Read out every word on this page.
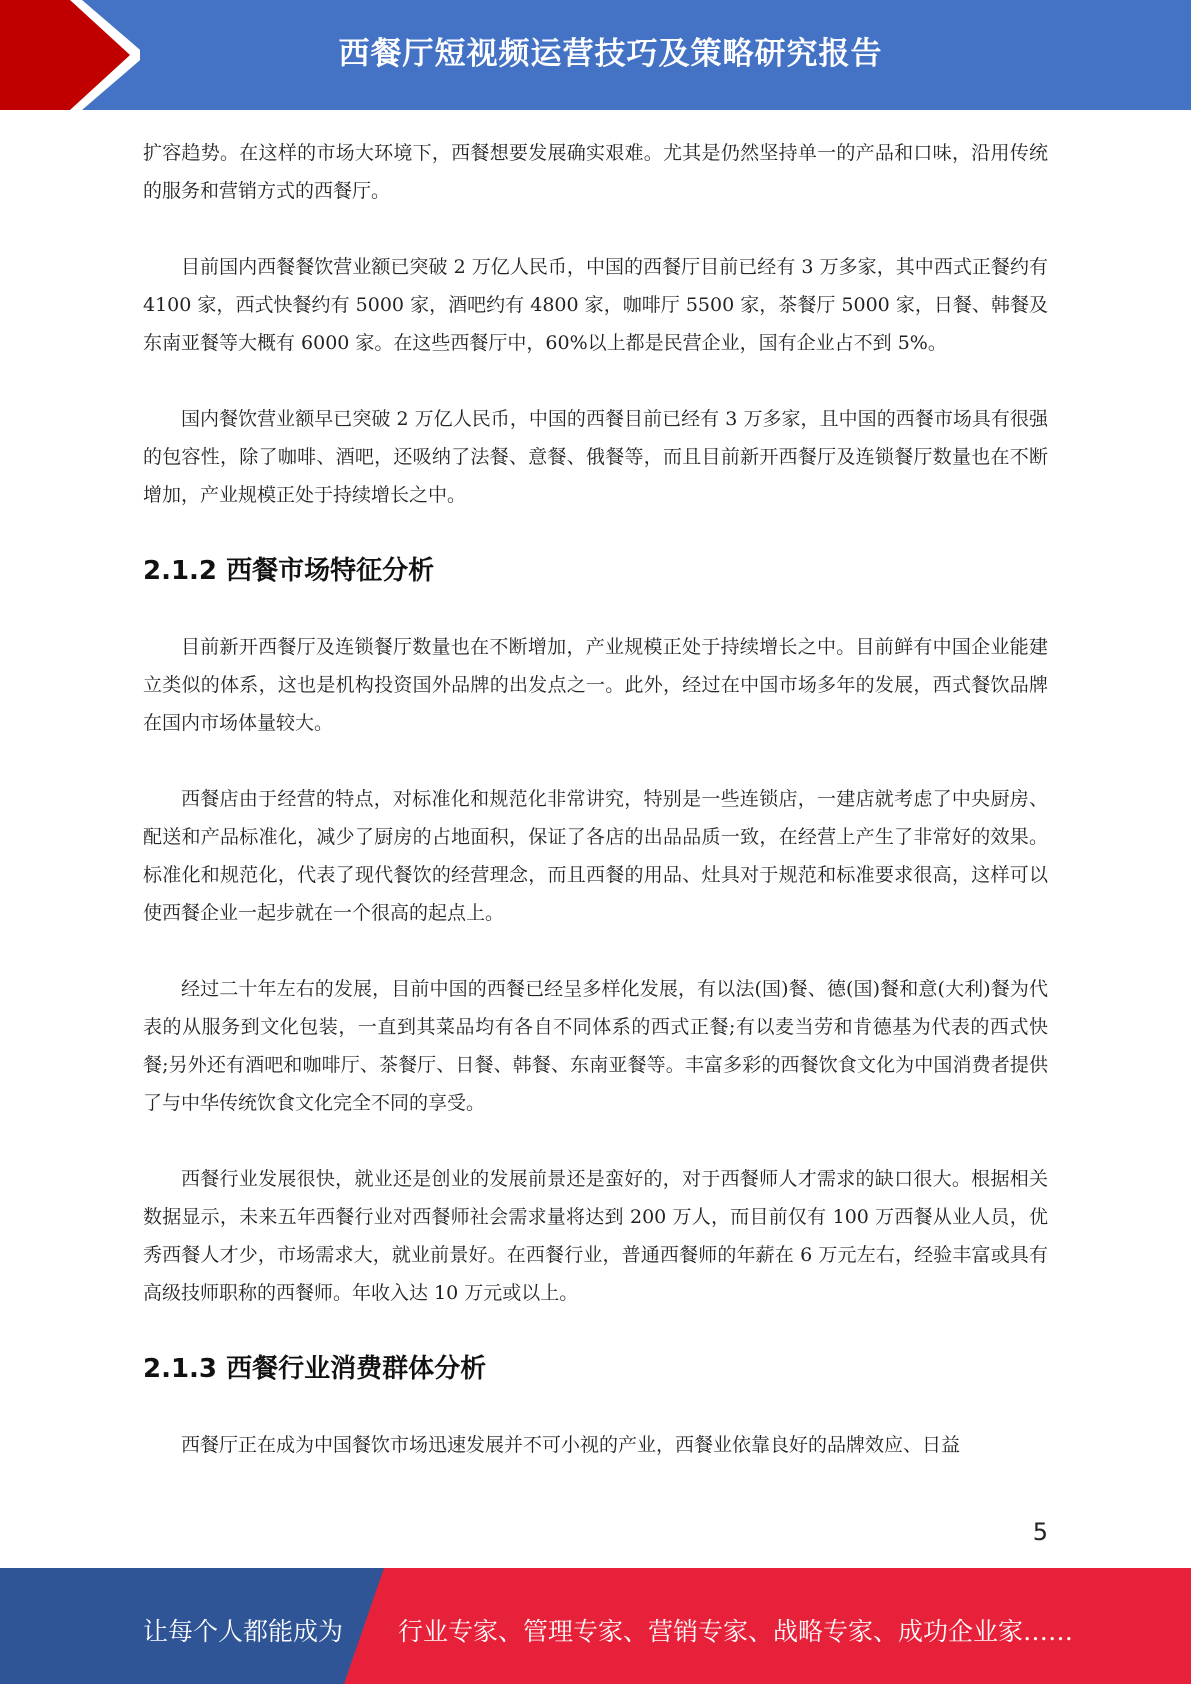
西餐厅短视频运营技巧及策略研究报告

扩容趋势。在这样的市场大环境下，西餐想要发展确实艰难。尤其是仍然坚持单一的产品和口味，沿用传统的服务和营销方式的西餐厅。

目前国内西餐餐饮营业额已突破 2 万亿人民币，中国的西餐厅目前已经有 3 万多家，其中西式正餐约有 4100 家，西式快餐约有 5000 家，酒吧约有 4800 家，咖啡厅 5500 家，茶餐厅 5000 家，日餐、韩餐及东南亚餐等大概有 6000 家。在这些西餐厅中，60%以上都是民营企业，国有企业占不到 5%。

国内餐饮营业额早已突破 2 万亿人民币，中国的西餐目前已经有 3 万多家，且中国的西餐市场具有很强的包容性，除了咖啡、酒吧，还吸纳了法餐、意餐、俄餐等，而且目前新开西餐厅及连锁餐厅数量也在不断增加，产业规模正处于持续增长之中。

2.1.2 西餐市场特征分析

目前新开西餐厅及连锁餐厅数量也在不断增加，产业规模正处于持续增长之中。目前鲜有中国企业能建立类似的体系，这也是机构投资国外品牌的出发点之一。此外，经过在中国市场多年的发展，西式餐饮品牌在国内市场体量较大。

西餐店由于经营的特点，对标准化和规范化非常讲究，特别是一些连锁店，一建店就考虑了中央厨房、配送和产品标准化，减少了厨房的占地面积，保证了各店的出品品质一致，在经营上产生了非常好的效果。标准化和规范化，代表了现代餐饮的经营理念，而且西餐的用品、灶具对于规范和标准要求很高，这样可以使西餐企业一起步就在一个很高的起点上。

经过二十年左右的发展，目前中国的西餐已经呈多样化发展，有以法(国)餐、德(国)餐和意(大利)餐为代表的从服务到文化包装，一直到其菜品均有各自不同体系的西式正餐;有以麦当劳和肯德基为代表的西式快餐;另外还有酒吧和咖啡厅、茶餐厅、日餐、韩餐、东南亚餐等。丰富多彩的西餐饮食文化为中国消费者提供了与中华传统饮食文化完全不同的享受。

西餐行业发展很快，就业还是创业的发展前景还是蛮好的，对于西餐师人才需求的缺口很大。根据相关数据显示，未来五年西餐行业对西餐师社会需求量将达到 200 万人，而目前仅有 100 万西餐从业人员，优秀西餐人才少，市场需求大，就业前景好。在西餐行业，普通西餐师的年薪在 6 万元左右，经验丰富或具有高级技师职称的西餐师。年收入达 10 万元或以上。

2.1.3 西餐行业消费群体分析

西餐厅正在成为中国餐饮市场迅速发展并不可小视的产业，西餐业依靠良好的品牌效应、日益

5
让每个人都能成为 行业专家、管理专家、营销专家、战略专家、成功企业家……
